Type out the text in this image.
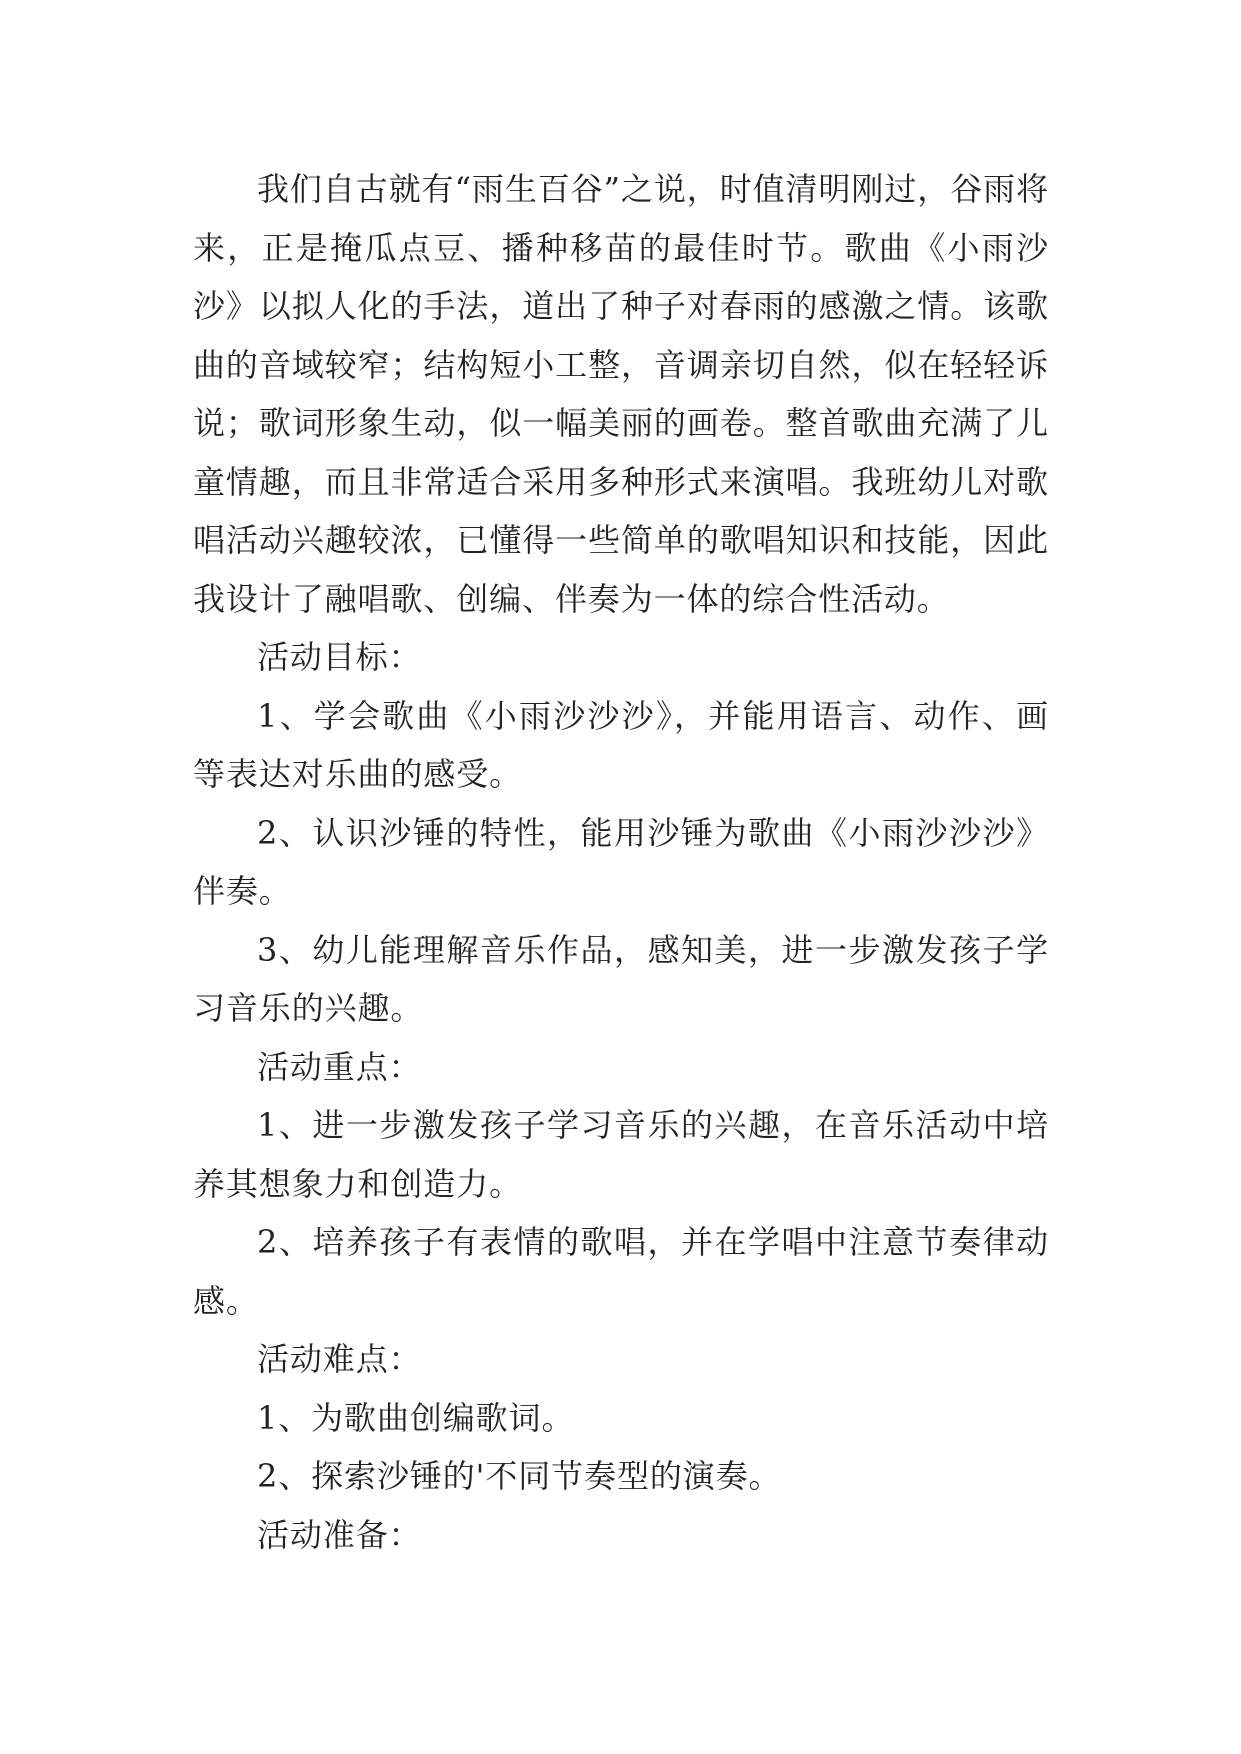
我们自古就有“雨生百谷”之说，时值清明刚过，谷雨将来，正是掩瓜点豆、播种移苗的最佳时节。歌曲《小雨沙沙》以拟人化的手法，道出了种子对春雨的感激之情。该歌曲的音域较窄；结构短小工整，音调亲切自然，似在轻轻诉说；歌词形象生动，似一幅美丽的画卷。整首歌曲充满了儿童情趣，而且非常适合采用多种形式来演唱。我班幼儿对歌唱活动兴趣较浓，已懂得一些简单的歌唱知识和技能，因此我设计了融唱歌、创编、伴奏为一体的综合性活动。

活动目标：

1、学会歌曲《小雨沙沙沙》，并能用语言、动作、画等表达对乐曲的感受。

2、认识沙锤的特性，能用沙锤为歌曲《小雨沙沙沙》伴奏。

3、幼儿能理解音乐作品，感知美，进一步激发孩子学习音乐的兴趣。

活动重点：

1、进一步激发孩子学习音乐的兴趣，在音乐活动中培养其想象力和创造力。

2、培养孩子有表情的歌唱，并在学唱中注意节奏律动感。

活动难点：

1、为歌曲创编歌词。

2、探索沙锤的'不同节奏型的演奏。

活动准备：
